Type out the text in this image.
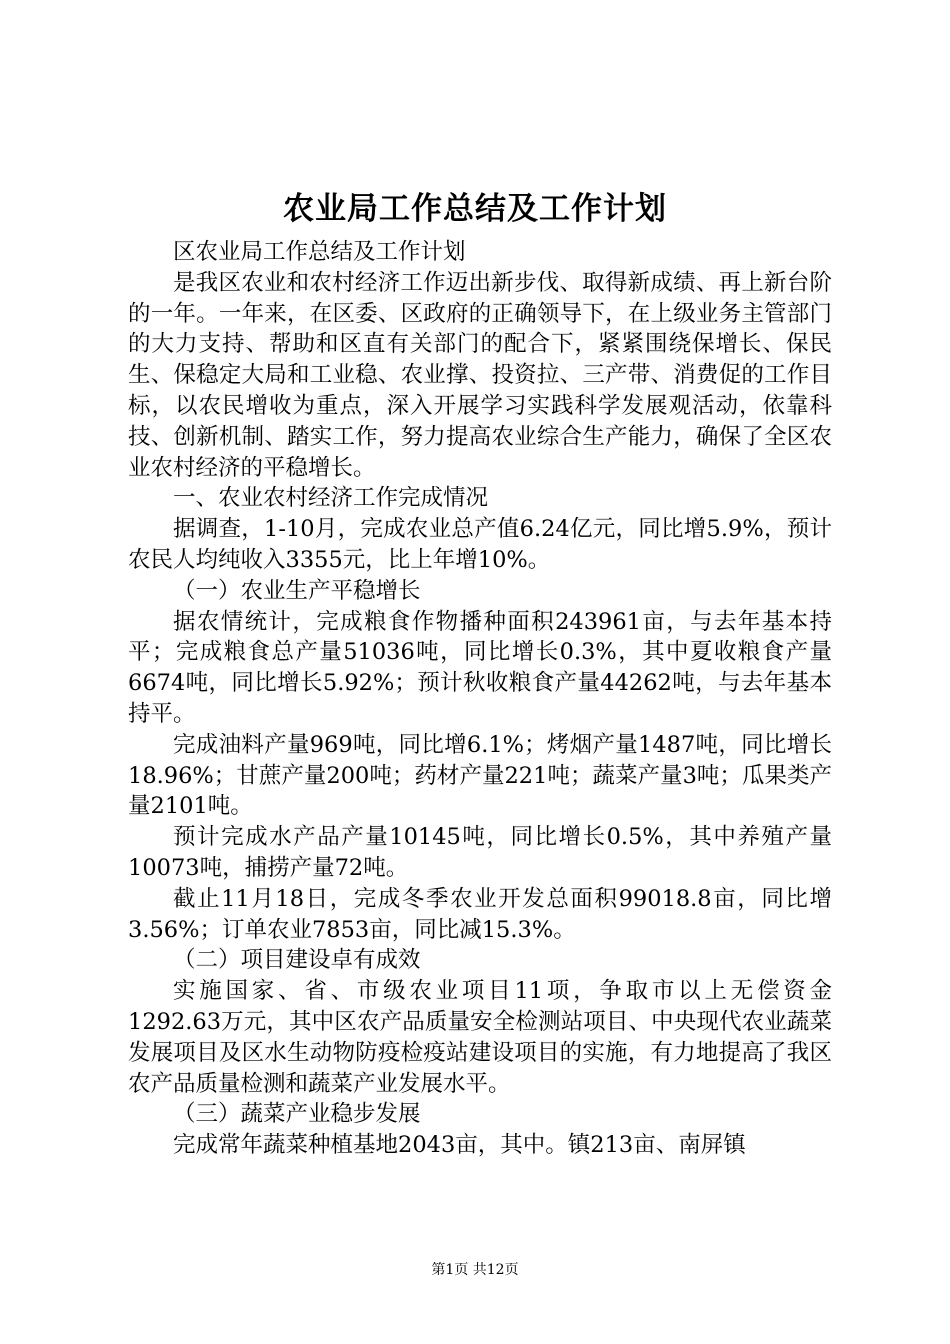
农业局工作总结及工作计划

区农业局工作总结及工作计划

是我区农业和农村经济工作迈出新步伐、取得新成绩、再上新台阶的一年。一年来，在区委、区政府的正确领导下，在上级业务主管部门的大力支持、帮助和区直有关部门的配合下，紧紧围绕保增长、保民生、保稳定大局和工业稳、农业撑、投资拉、三产带、消费促的工作目标，以农民增收为重点，深入开展学习实践科学发展观活动，依靠科技、创新机制、踏实工作，努力提高农业综合生产能力，确保了全区农业农村经济的平稳增长。

一、农业农村经济工作完成情况

据调查，1-10月，完成农业总产值6.24亿元，同比增5.9%，预计农民人均纯收入3355元，比上年增10%。

（一）农业生产平稳增长

据农情统计，完成粮食作物播种面积243961亩，与去年基本持平；完成粮食总产量51036吨，同比增长0.3%，其中夏收粮食产量6674吨，同比增长5.92%；预计秋收粮食产量44262吨，与去年基本持平。

完成油料产量969吨，同比增6.1%；烤烟产量1487吨，同比增长18.96%；甘蔗产量200吨；药材产量221吨；蔬菜产量3吨；瓜果类产量2101吨。

预计完成水产品产量10145吨，同比增长0.5%，其中养殖产量10073吨，捕捞产量72吨。

截止11月18日，完成冬季农业开发总面积99018.8亩，同比增3.56%；订单农业7853亩，同比减15.3%。

（二）项目建设卓有成效

实施国家、省、市级农业项目11项，争取市以上无偿资金1292.63万元，其中区农产品质量安全检测站项目、中央现代农业蔬菜发展项目及区水生动物防疫检疫站建设项目的实施，有力地提高了我区农产品质量检测和蔬菜产业发展水平。

（三）蔬菜产业稳步发展

完成常年蔬菜种植基地2043亩，其中。镇213亩、南屏镇

第1页 共12页
